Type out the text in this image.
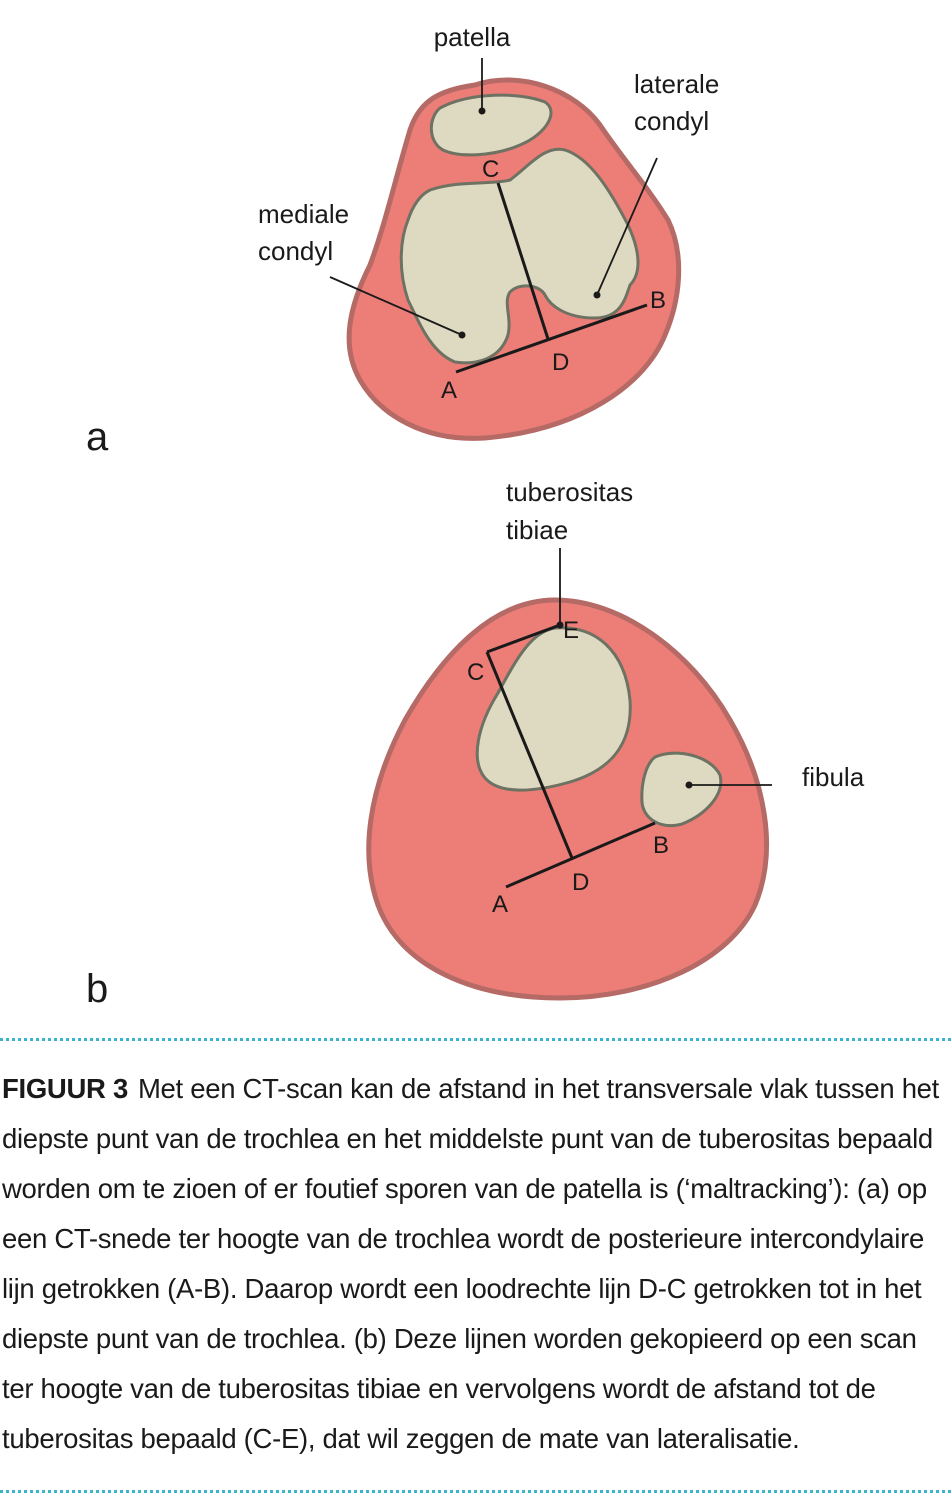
patella
laterale
condyl
mediale
condyl
A
B
C
D
a
tuberositas
tibiae
fibula
A
B
C
D
E
b
FIGUUR 3 Met een CT-scan kan de afstand in het transversale vlak tussen het diepste punt van de trochlea en het middelste punt van de tuberositas bepaald worden om te zioen of er foutief sporen van de patella is (‘maltracking’): (a) op een CT-snede ter hoogte van de trochlea wordt de posterieure intercondylaire lijn getrokken (A-B). Daarop wordt een loodrechte lijn D-C getrokken tot in het diepste punt van de trochlea. (b) Deze lijnen worden gekopieerd op een scan ter hoogte van de tuberositas tibiae en vervolgens wordt de afstand tot de tuberositas bepaald (C-E), dat wil zeggen de mate van lateralisatie.
